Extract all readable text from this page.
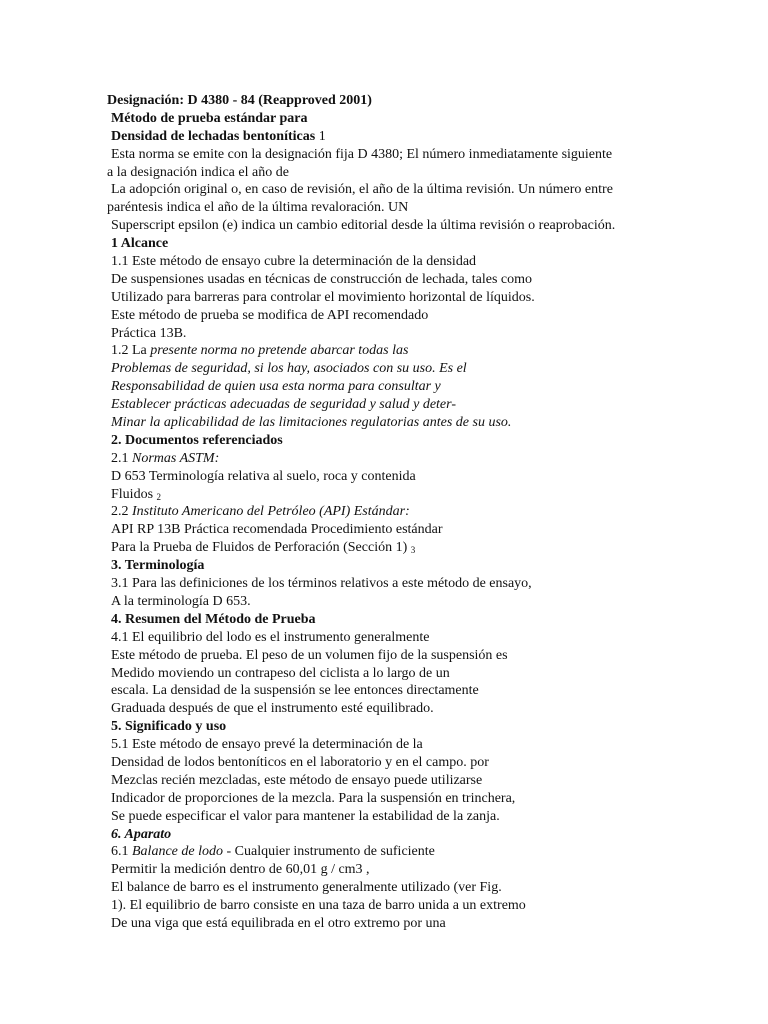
Designación: D 4380 - 84 (Reapproved 2001)
Método de prueba estándar para
Densidad de lechadas bentoníticas 1
Esta norma se emite con la designación fija D 4380; El número inmediatamente siguiente
a la designación indica el año de
La adopción original o, en caso de revisión, el año de la última revisión. Un número entre
paréntesis indica el año de la última revaloración. UN
Superscript epsilon (e) indica un cambio editorial desde la última revisión o reaprobación.
1 Alcance
1.1 Este método de ensayo cubre la determinación de la densidad
De suspensiones usadas en técnicas de construcción de lechada, tales como
Utilizado para barreras para controlar el movimiento horizontal de líquidos.
Este método de prueba se modifica de API recomendado
Práctica 13B.
1.2 La presente norma no pretende abarcar todas las
Problemas de seguridad, si los hay, asociados con su uso. Es el
Responsabilidad de quien usa esta norma para consultar y
Establecer prácticas adecuadas de seguridad y salud y deter-
Minar la aplicabilidad de las limitaciones regulatorias antes de su uso.
2. Documentos referenciados
2.1 Normas ASTM:
D 653 Terminología relativa al suelo, roca y contenida
Fluidos 2
2.2 Instituto Americano del Petróleo (API) Estándar:
API RP 13B Práctica recomendada Procedimiento estándar
Para la Prueba de Fluidos de Perforación (Sección 1) 3
3. Terminología
3.1 Para las definiciones de los términos relativos a este método de ensayo,
A la terminología D 653.
4. Resumen del Método de Prueba
4.1 El equilibrio del lodo es el instrumento generalmente
Este método de prueba. El peso de un volumen fijo de la suspensión es
Medido moviendo un contrapeso del ciclista a lo largo de un
escala. La densidad de la suspensión se lee entonces directamente
Graduada después de que el instrumento esté equilibrado.
5. Significado y uso
5.1 Este método de ensayo prevé la determinación de la
Densidad de lodos bentoníticos en el laboratorio y en el campo. por
Mezclas recién mezcladas, este método de ensayo puede utilizarse
Indicador de proporciones de la mezcla. Para la suspensión en trinchera,
Se puede especificar el valor para mantener la estabilidad de la zanja.
6. Aparato
6.1 Balance de lodo - Cualquier instrumento de suficiente
Permitir la medición dentro de 60,01 g / cm3 ,
El balance de barro es el instrumento generalmente utilizado (ver Fig.
1). El equilibrio de barro consiste en una taza de barro unida a un extremo
De una viga que está equilibrada en el otro extremo por una
